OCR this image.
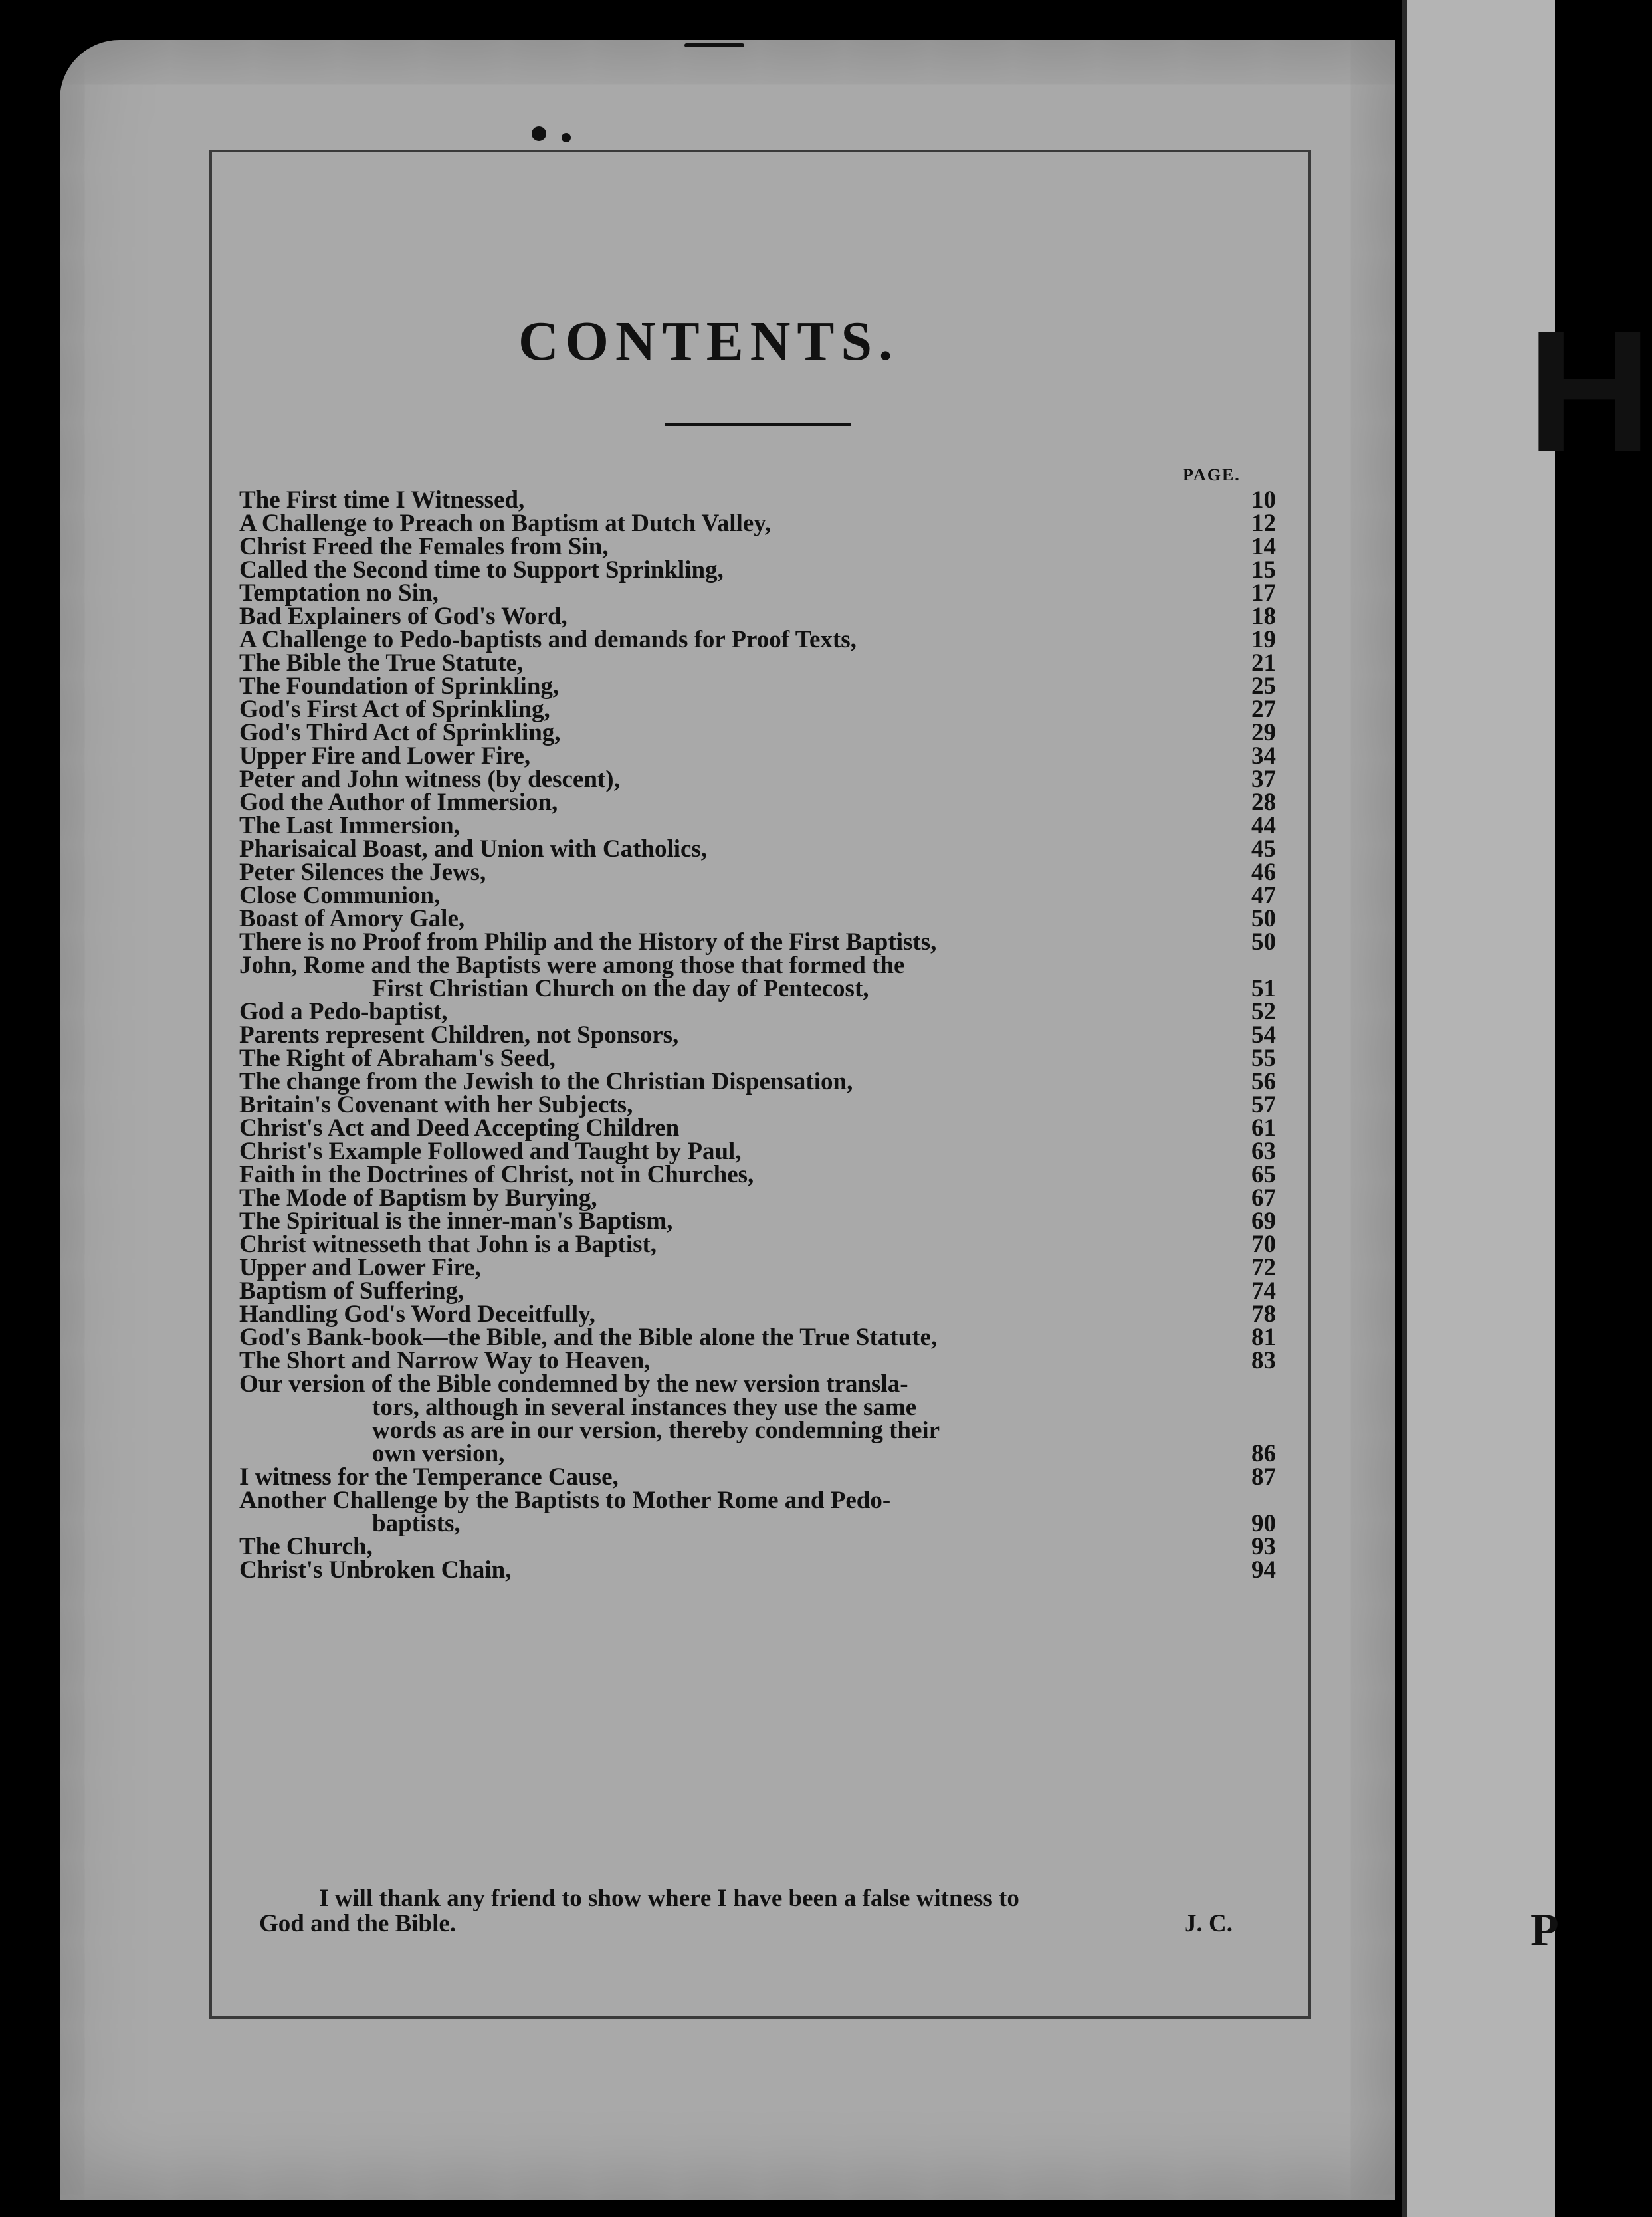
H
P
CONTENTS.
PAGE.
The First time I Witnessed,	10
A Challenge to Preach on Baptism at Dutch Valley,	12
Christ Freed the Females from Sin,	14
Called the Second time to Support Sprinkling,	15
Temptation no Sin,	17
Bad Explainers of God's Word,	18
A Challenge to Pedo-baptists and demands for Proof Texts,	19
The Bible the True Statute,	21
The Foundation of Sprinkling,	25
God's First Act of Sprinkling,	27
God's Third Act of Sprinkling,	29
Upper Fire and Lower Fire,	34
Peter and John witness (by descent),	37
God the Author of Immersion,	28
The Last Immersion,	44
Pharisaical Boast, and Union with Catholics,	45
Peter Silences the Jews,	46
Close Communion,	47
Boast of Amory Gale,	50
There is no Proof from Philip and the History of the First Baptists,	50
John, Rome and the Baptists were among those that formed the
First Christian Church on the day of Pentecost,	51
God a Pedo-baptist,	52
Parents represent Children, not Sponsors,	54
The Right of Abraham's Seed,	55
The change from the Jewish to the Christian Dispensation,	56
Britain's Covenant with her Subjects,	57
Christ's Act and Deed Accepting Children	61
Christ's Example Followed and Taught by Paul,	63
Faith in the Doctrines of Christ, not in Churches,	65
The Mode of Baptism by Burying,	67
The Spiritual is the inner-man's Baptism,	69
Christ witnesseth that John is a Baptist,	70
Upper and Lower Fire,	72
Baptism of Suffering,	74
Handling God's Word Deceitfully,	78
God's Bank-book—the Bible, and the Bible alone the True Statute,	81
The Short and Narrow Way to Heaven,	83
Our version of the Bible condemned by the new version transla-
tors, although in several instances they use the same
words as are in our version, thereby condemning their
own version,	86
I witness for the Temperance Cause,	87
Another Challenge by the Baptists to Mother Rome and Pedo-
baptists,	90
The Church,	93
Christ's Unbroken Chain,	94
I will thank any friend to show where I have been a false witness to
God and the Bible.	J. C.
